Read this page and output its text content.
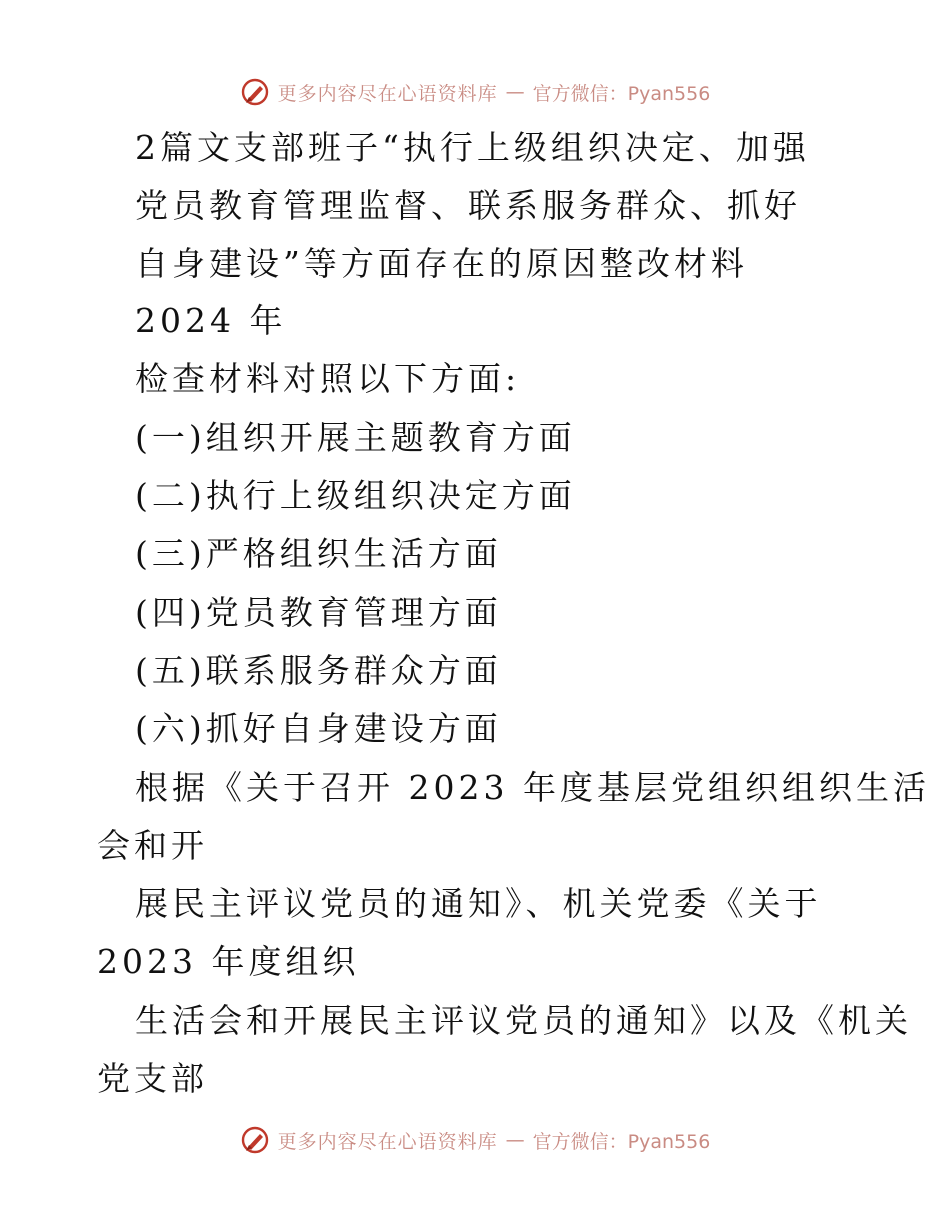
更多内容尽在心语资料库 — 官方微信：Pyan556
2篇文支部班子“执行上级组织决定、加强
党员教育管理监督、联系服务群众、抓好
自身建设”等方面存在的原因整改材料
2024 年
检查材料对照以下方面:
(一)组织开展主题教育方面
(二)执行上级组织决定方面
(三)严格组织生活方面
(四)党员教育管理方面
(五)联系服务群众方面
(六)抓好自身建设方面
根据《关于召开 2023 年度基层党组织组织生活
会和开
展民主评议党员的通知》、机关党委《关于
2023 年度组织
生活会和开展民主评议党员的通知》以及《机关
党支部
更多内容尽在心语资料库 — 官方微信：Pyan556
